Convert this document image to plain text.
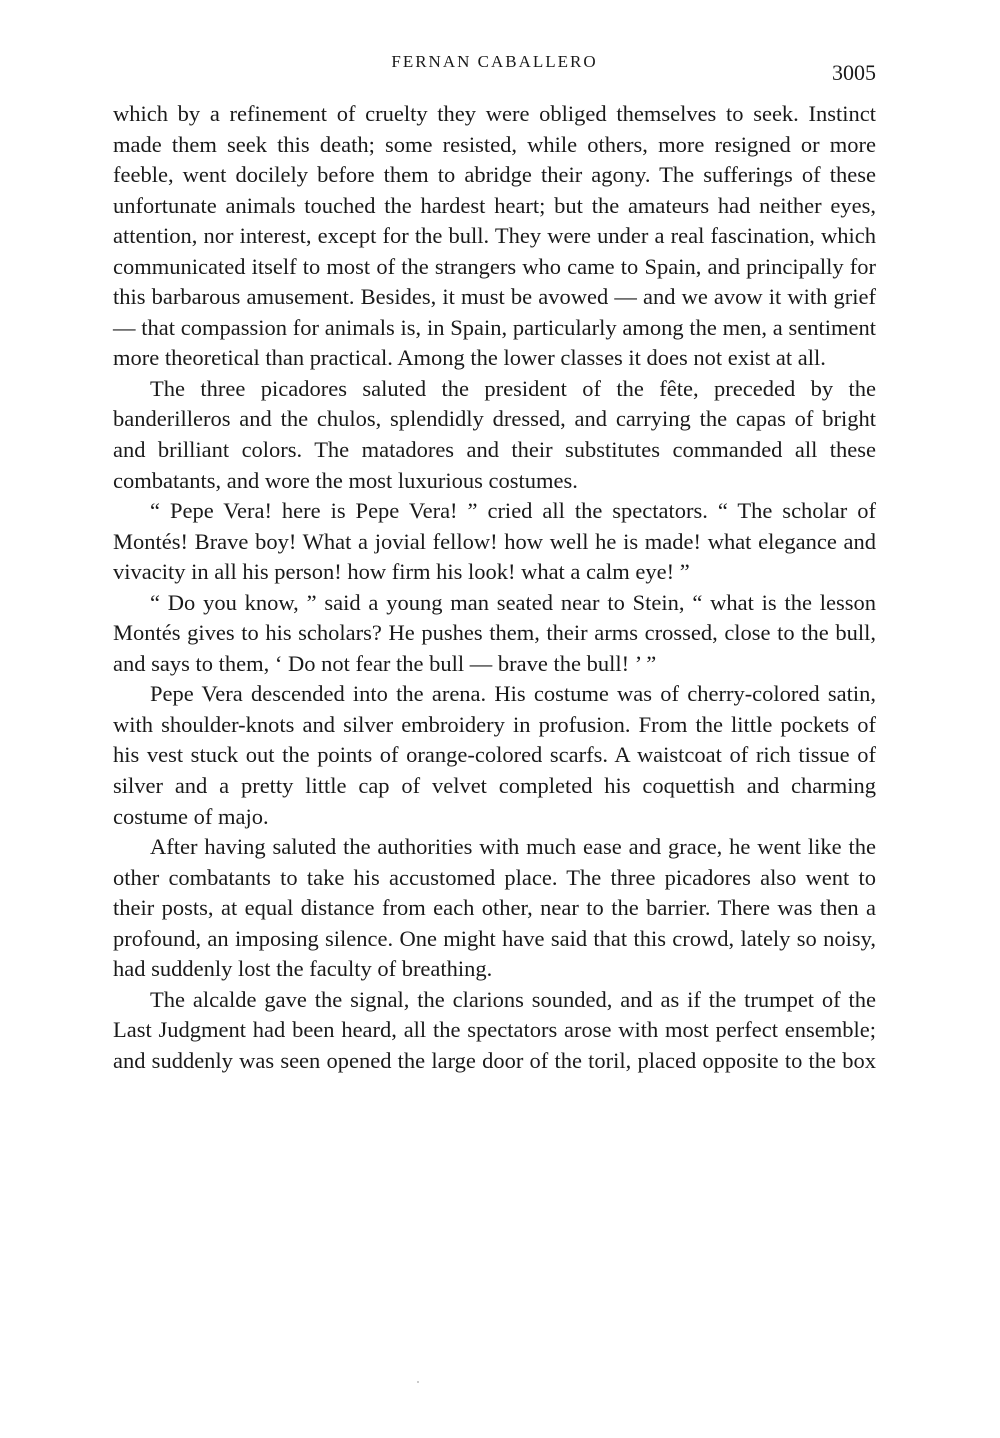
FERNAN CABALLERO	3005

which by a refinement of cruelty they were obliged themselves to seek. Instinct made them seek this death; some resisted, while others, more resigned or more feeble, went docilely before them to abridge their agony. The sufferings of these unfortunate animals touched the hardest heart; but the amateurs had neither eyes, attention, nor interest, except for the bull. They were under a real fascination, which communicated itself to most of the strangers who came to Spain, and principally for this barbarous amusement. Besides, it must be avowed — and we avow it with grief — that compassion for animals is, in Spain, particularly among the men, a sentiment more theoretical than practical. Among the lower classes it does not exist at all.

The three picadores saluted the president of the fête, preceded by the banderilleros and the chulos, splendidly dressed, and carrying the capas of bright and brilliant colors. The matadores and their substitutes commanded all these combatants, and wore the most luxurious costumes.

“ Pepe Vera! here is Pepe Vera! ” cried all the spectators. “ The scholar of Montés! Brave boy! What a jovial fellow! how well he is made! what elegance and vivacity in all his person! how firm his look! what a calm eye! ”

“ Do you know, ” said a young man seated near to Stein, “ what is the lesson Montés gives to his scholars? He pushes them, their arms crossed, close to the bull, and says to them, ‘ Do not fear the bull — brave the bull! ’ ”

Pepe Vera descended into the arena. His costume was of cherry-colored satin, with shoulder-knots and silver embroidery in profusion. From the little pockets of his vest stuck out the points of orange-colored scarfs. A waistcoat of rich tissue of silver and a pretty little cap of velvet completed his coquettish and charming costume of majo.

After having saluted the authorities with much ease and grace, he went like the other combatants to take his accustomed place. The three picadores also went to their posts, at equal distance from each other, near to the barrier. There was then a profound, an imposing silence. One might have said that this crowd, lately so noisy, had suddenly lost the faculty of breathing.

The alcalde gave the signal, the clarions sounded, and as if the trumpet of the Last Judgment had been heard, all the spectators arose with most perfect ensemble; and suddenly was seen opened the large door of the toril, placed opposite to the box
